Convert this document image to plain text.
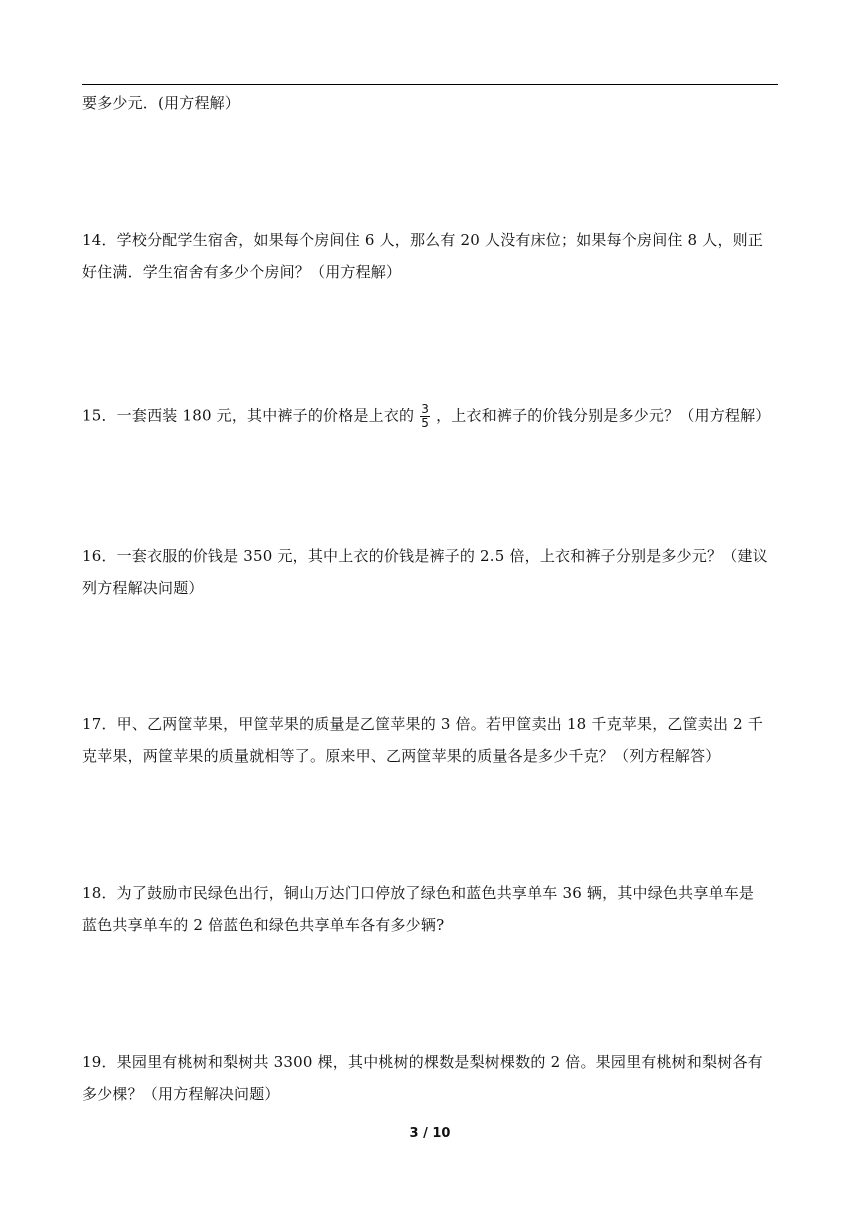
要多少元．(用方程解）
14．学校分配学生宿舍，如果每个房间住 6 人，那么有 20 人没有床位；如果每个房间住 8 人，则正
好住满．学生宿舍有多少个房间？（用方程解）
15．一套西装 180 元，其中裤子的价格是上衣的 $\frac{3}{5}$ ，上衣和裤子的价钱分别是多少元？（用方程解）
16．一套衣服的价钱是 350 元，其中上衣的价钱是裤子的 2.5 倍，上衣和裤子分别是多少元？（建议
列方程解决问题）
17．甲、乙两筐苹果，甲筐苹果的质量是乙筐苹果的 3 倍。若甲筐卖出 18 千克苹果，乙筐卖出 2 千
克苹果，两筐苹果的质量就相等了。原来甲、乙两筐苹果的质量各是多少千克？（列方程解答）
18．为了鼓励市民绿色出行，铜山万达门口停放了绿色和蓝色共享单车 36 辆，其中绿色共享单车是
蓝色共享单车的 2 倍蓝色和绿色共享单车各有多少辆?
19．果园里有桃树和梨树共 3300 棵，其中桃树的棵数是梨树棵数的 2 倍。果园里有桃树和梨树各有
多少棵？（用方程解决问题）
3 / 10
